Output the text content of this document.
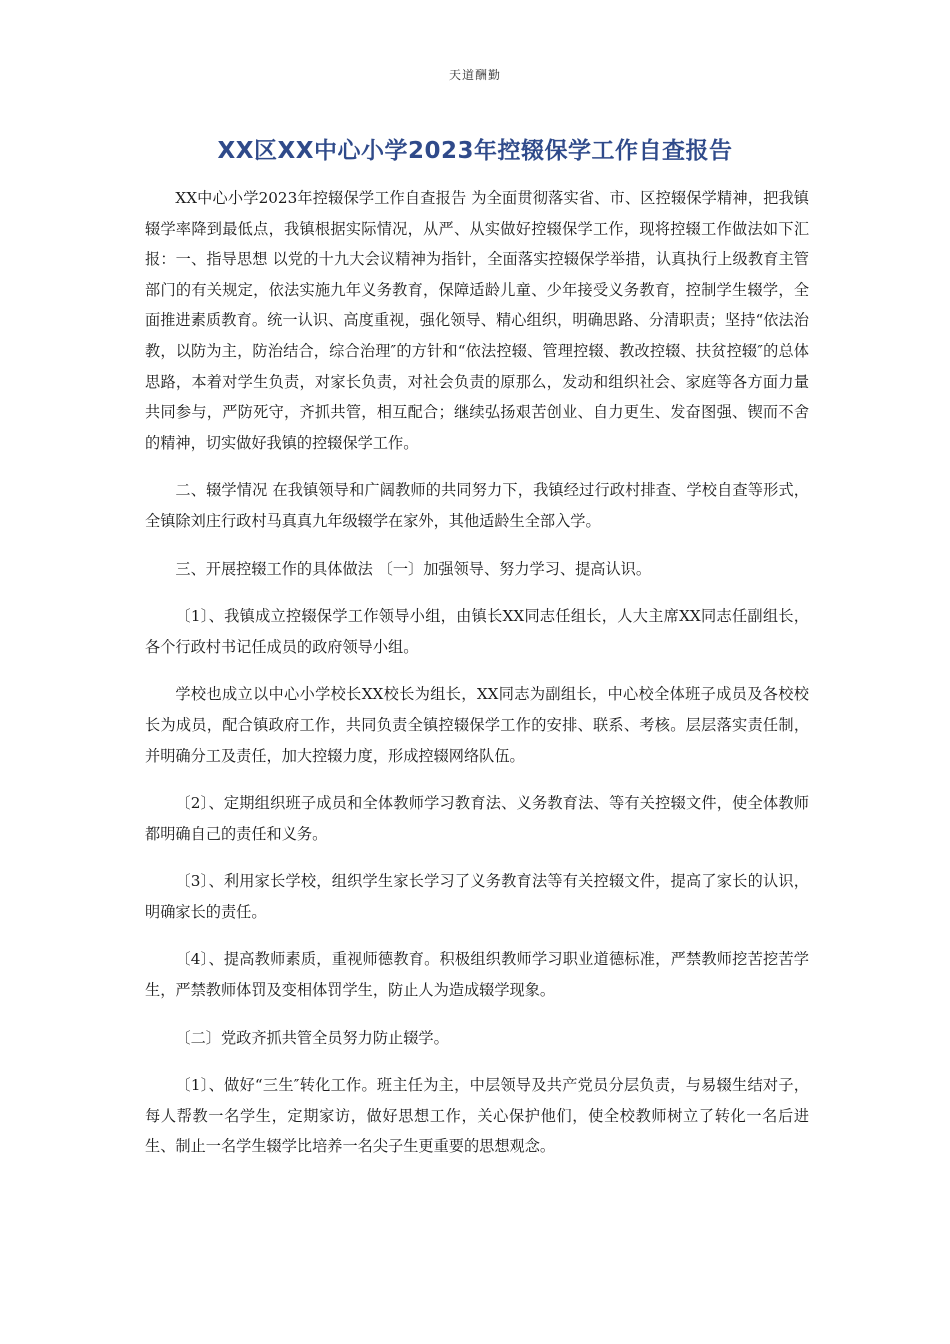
天道酬勤
XX区XX中心小学2023年控辍保学工作自查报告

XX中心小学2023年控辍保学工作自查报告 为全面贯彻落实省、市、区控辍保学精神，把我镇辍学率降到最低点，我镇根据实际情况，从严、从实做好控辍保学工作，现将控辍工作做法如下汇报：一、指导思想 以党的十九大会议精神为指针，全面落实控辍保学举措，认真执行上级教育主管部门的有关规定，依法实施九年义务教育，保障适龄儿童、少年接受义务教育，控制学生辍学，全面推进素质教育。统一认识、高度重视，强化领导、精心组织，明确思路、分清职责；坚持“依法治教，以防为主，防治结合，综合治理″的方针和“依法控辍、管理控辍、教改控辍、扶贫控辍″的总体思路，本着对学生负责，对家长负责，对社会负责的原那么，发动和组织社会、家庭等各方面力量共同参与，严防死守，齐抓共管，相互配合；继续弘扬艰苦创业、自力更生、发奋图强、锲而不舍的精神，切实做好我镇的控辍保学工作。

二、辍学情况 在我镇领导和广阔教师的共同努力下，我镇经过行政村排查、学校自查等形式，全镇除刘庄行政村马真真九年级辍学在家外，其他适龄生全部入学。

三、开展控辍工作的具体做法 〔一〕加强领导、努力学习、提高认识。

〔1〕、我镇成立控辍保学工作领导小组，由镇长XX同志任组长，人大主席XX同志任副组长，各个行政村书记任成员的政府领导小组。

学校也成立以中心小学校长XX校长为组长，XX同志为副组长，中心校全体班子成员及各校校长为成员，配合镇政府工作，共同负责全镇控辍保学工作的安排、联系、考核。层层落实责任制，并明确分工及责任，加大控辍力度，形成控辍网络队伍。

〔2〕、定期组织班子成员和全体教师学习教育法、义务教育法、等有关控辍文件，使全体教师都明确自己的责任和义务。

〔3〕、利用家长学校，组织学生家长学习了义务教育法等有关控辍文件，提高了家长的认识，明确家长的责任。

〔4〕、提高教师素质，重视师德教育。积极组织教师学习职业道德标准，严禁教师挖苦挖苦学生，严禁教师体罚及变相体罚学生，防止人为造成辍学现象。

〔二〕党政齐抓共管全员努力防止辍学。

〔1〕、做好“三生″转化工作。班主任为主，中层领导及共产党员分层负责，与易辍生结对子，每人帮教一名学生，定期家访，做好思想工作，关心保护他们，使全校教师树立了转化一名后进生、制止一名学生辍学比培养一名尖子生更重要的思想观念。
